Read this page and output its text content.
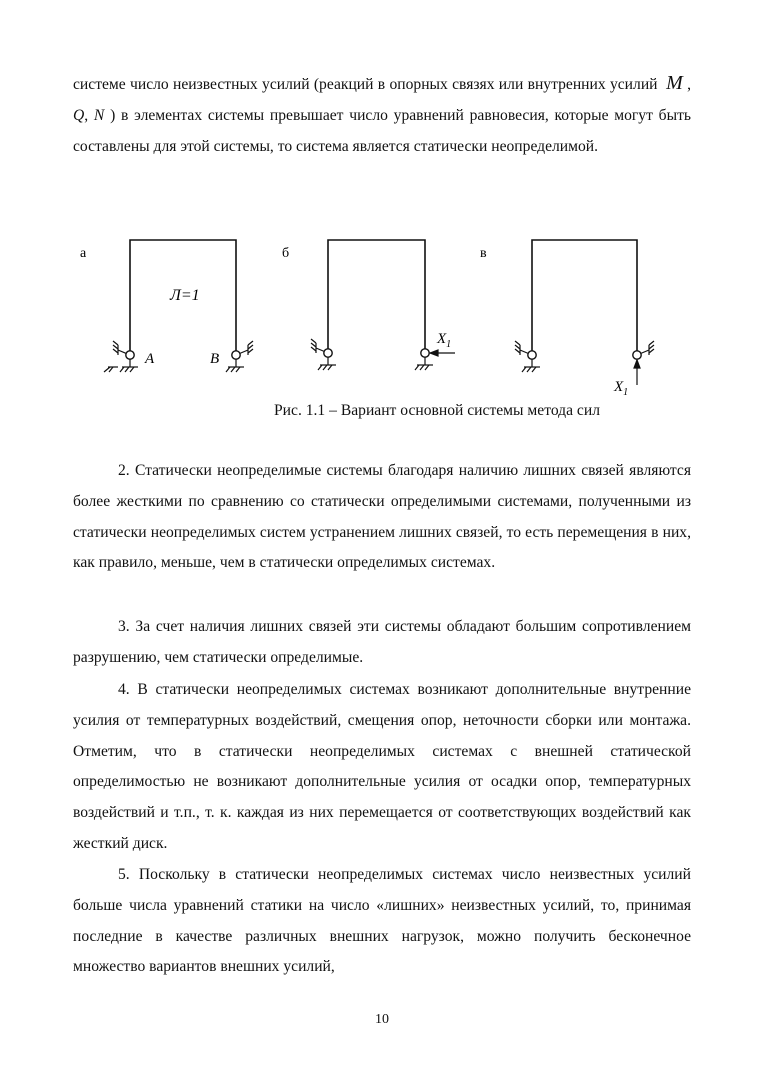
системе число неизвестных усилий (реакций в опорных связях или внутренних усилий M , Q, N ) в элементах системы превышает число уравнений равновесия, которые могут быть составлены для этой системы, то система является статически неопределимой.
а	б	в
Л=1
A	B
$X_1$
$X_1$
Рис. 1.1 – Вариант основной системы метода сил
2. Статически неопределимые системы благодаря наличию лишних связей являются более жесткими по сравнению со статически определимыми системами, полученными из статически неопределимых систем устранением лишних связей, то есть перемещения в них, как правило, меньше, чем в статически определимых системах.
3. За счет наличия лишних связей эти системы обладают большим сопротивлением разрушению, чем статически определимые.
4. В статически неопределимых системах возникают дополнительные внутренние усилия от температурных воздействий, смещения опор, неточности сборки или монтажа. Отметим, что в статически неопределимых системах с внешней статической определимостью не возникают дополнительные усилия от осадки опор, температурных воздействий и т.п., т. к. каждая из них перемещается от соответствующих воздействий как жесткий диск.
5. Поскольку в статически неопределимых системах число неизвестных усилий больше числа уравнений статики на число «лишних» неизвестных усилий, то, принимая последние в качестве различных внешних нагрузок, можно получить бесконечное множество вариантов внешних усилий,
10
